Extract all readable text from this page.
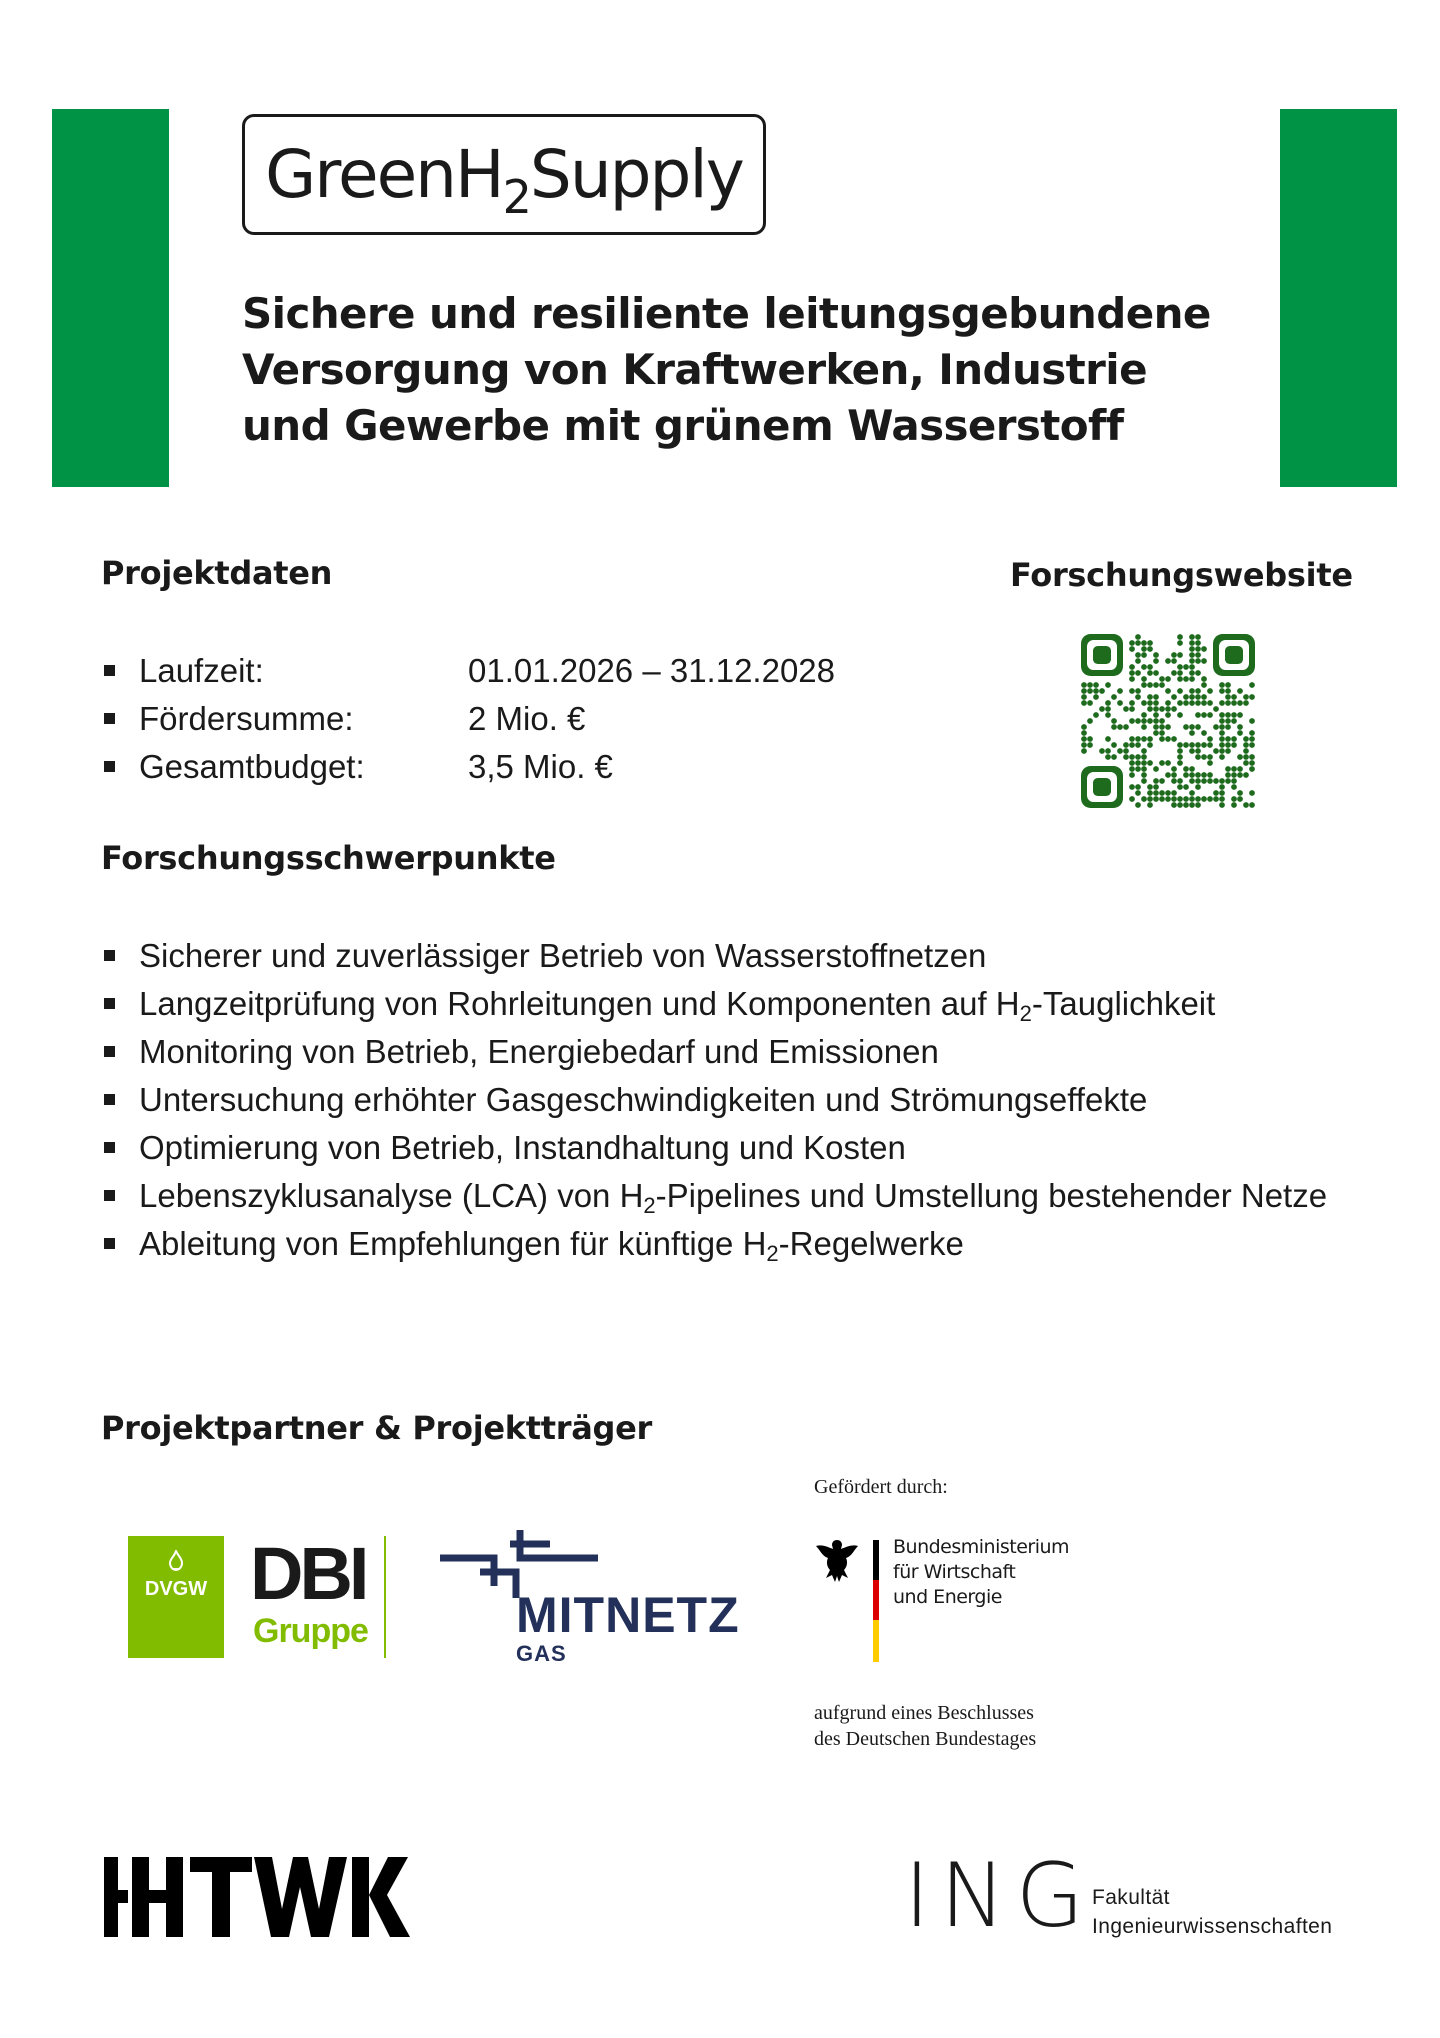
GreenH$_2$Supply
Sichere und resiliente leitungsgebundene
Versorgung von Kraftwerken, Industrie
und Gewerbe mit grünem Wasserstoff
Projektdaten
Laufzeit:	01.01.2026 – 31.12.2028
Fördersumme:	2 Mio. €
Gesamtbudget:	3,5 Mio. €
Forschungswebsite
Forschungsschwerpunkte
Sicherer und zuverlässiger Betrieb von Wasserstoffnetzen
Langzeitprüfung von Rohrleitungen und Komponenten auf $H_2$-Tauglichkeit
Monitoring von Betrieb, Energiebedarf und Emissionen
Untersuchung erhöhter Gasgeschwindigkeiten und Strömungseffekte
Optimierung von Betrieb, Instandhaltung und Kosten
Lebenszyklusanalyse (LCA) von $H_2$-Pipelines und Umstellung bestehender Netze
Ableitung von Empfehlungen für künftige $H_2$-Regelwerke
Projektpartner & Projektträger
DVGW DBI
Gruppe	MITNETZ
GAS
Gefördert durch:
Bundesministerium
für Wirtschaft
und Energie
aufgrund eines Beschlusses
des Deutschen Bundestages
ING
Fakultät
Ingenieurwissenschaften
